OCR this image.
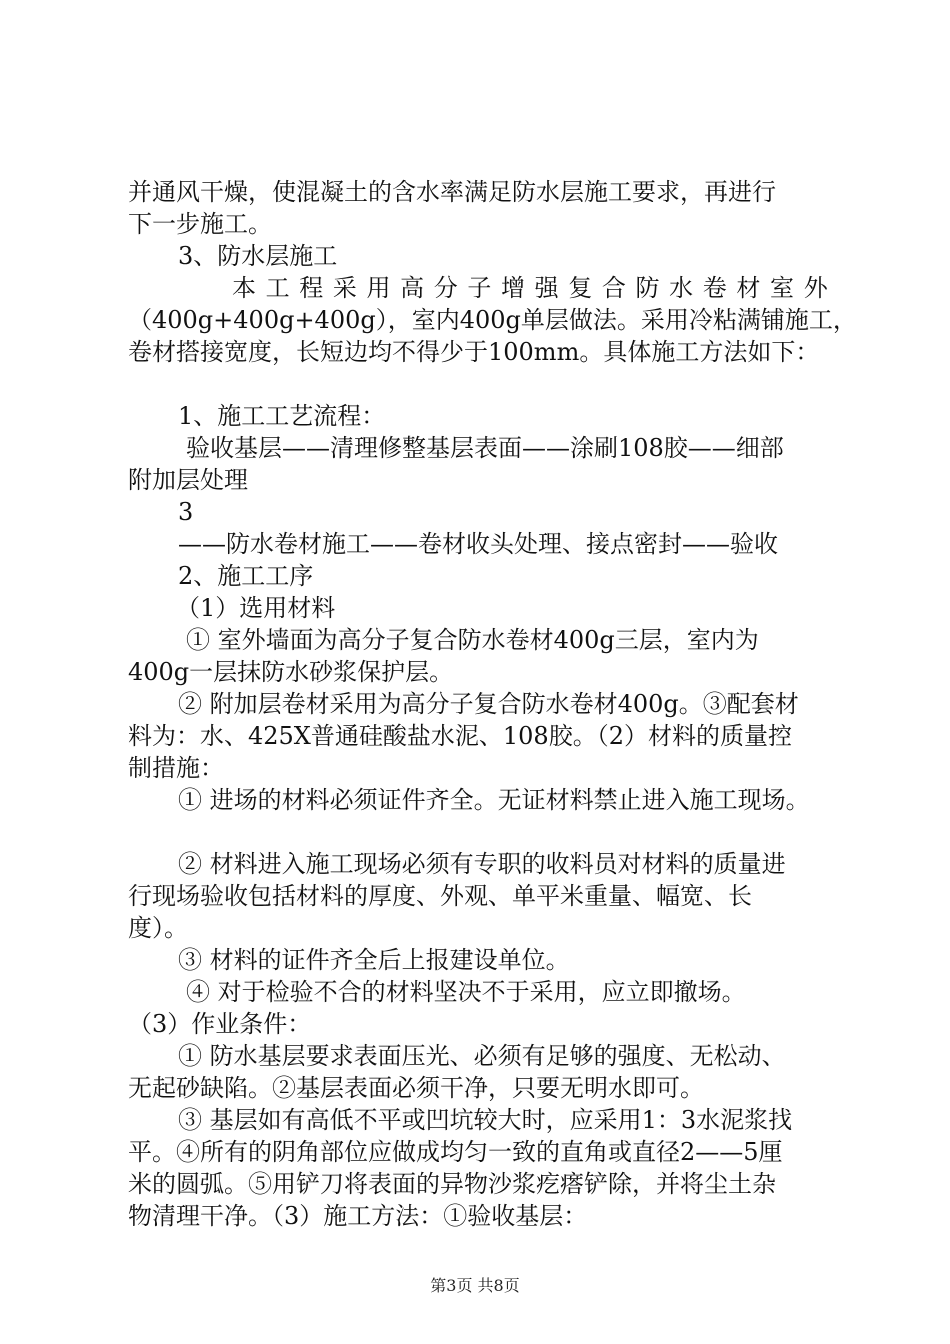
并通风干燥，使混凝土的含水率满足防水层施工要求，再进行
下一步施工。
3、防水层施工
本 工 程 采 用 高 分 子 增 强 复 合 防 水 卷 材 室 外
（400g+400g+400g），室内400g单层做法。采用冷粘满铺施工，
卷材搭接宽度，长短边均不得少于100mm。具体施工方法如下：
1、施工工艺流程：
验收基层——清理修整基层表面——涂刷108胶——细部
附加层处理
3
——防水卷材施工——卷材收头处理、接点密封——验收
2、施工工序
（1）选用材料
① 室外墙面为高分子复合防水卷材400g三层，室内为
400g一层抹防水砂浆保护层。
② 附加层卷材采用为高分子复合防水卷材400g。③配套材
料为：水、425X普通硅酸盐水泥、108胶。（2）材料的质量控
制措施：
① 进场的材料必须证件齐全。无证材料禁止进入施工现场。
② 材料进入施工现场必须有专职的收料员对材料的质量进
行现场验收包括材料的厚度、外观、单平米重量、幅宽、长
度）。
③ 材料的证件齐全后上报建设单位。
④ 对于检验不合的材料坚决不于采用，应立即撤场。
（3）作业条件：
① 防水基层要求表面压光、必须有足够的强度、无松动、
无起砂缺陷。②基层表面必须干净，只要无明水即可。
③ 基层如有高低不平或凹坑较大时，应采用1：3水泥浆找
平。④所有的阴角部位应做成均匀一致的直角或直径2——5厘
米的圆弧。⑤用铲刀将表面的异物沙浆疙瘩铲除，并将尘土杂
物清理干净。（3）施工方法：①验收基层：
第3页 共8页
